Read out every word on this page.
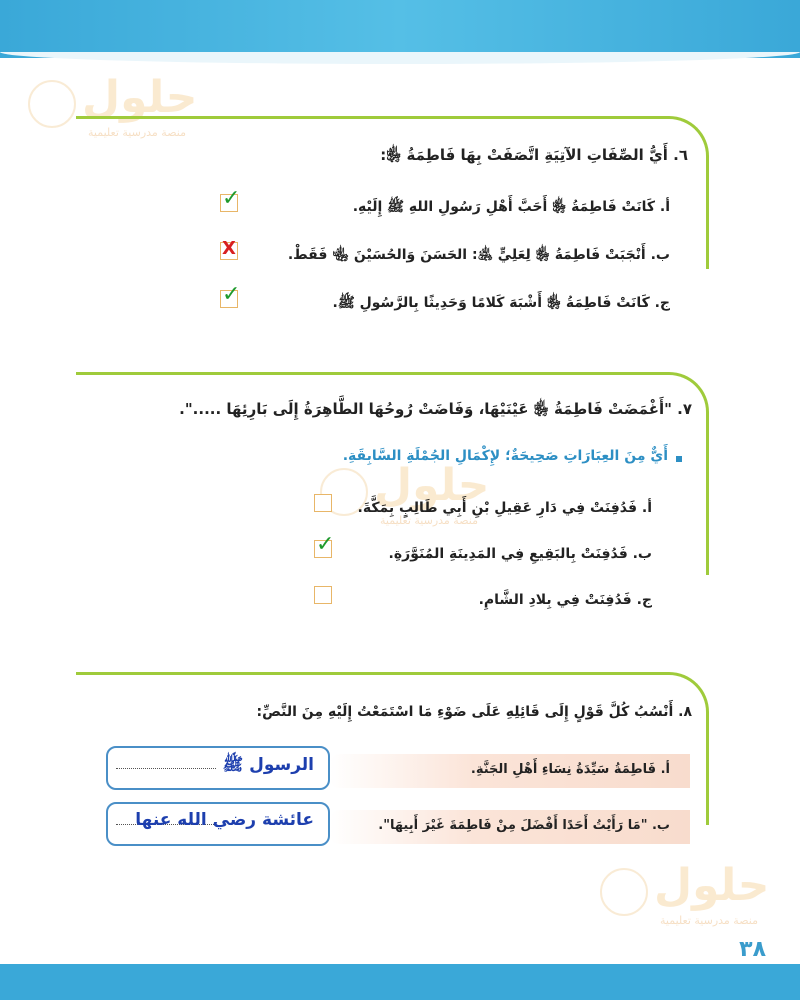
حلول
منصة مدرسية تعليمية
حلول
منصة مدرسية تعليمية
حلول
منصة مدرسية تعليمية
٦. أَيُّ الصِّفَاتِ الآتِيَةِ اتَّصَفَتْ بِهَا فَاطِمَةُ ﵂:
أ. كَانَتْ فَاطِمَةُ ﵂ أَحَبَّ أَهْلِ رَسُولِ اللهِ ﷺ إِلَيْهِ.
✓
ب. أَنْجَبَتْ فَاطِمَةُ ﵂ لِعَلِيٍّ ﵁: الحَسَنَ وَالحُسَيْنَ ﵄ فَقَطْ.
X
ج. كَانَتْ فَاطِمَةُ ﵂ أَشْبَهَ كَلامًا وَحَدِيثًا بِالرَّسُولِ ﷺ.
✓
٧. "أَغْمَضَتْ فَاطِمَةُ ﵂ عَيْنَيْهَا، وَفَاضَتْ رُوحُهَا الطَّاهِرَةُ إِلَى بَارِئِهَا .....".
أَيٌّ مِنَ العِبَارَاتِ صَحِيحَةٌ؛ لإِكْمَالِ الجُمْلَةِ السَّابِقَةِ.
أ. فَدُفِنَتْ فِي دَارِ عَقِيلِ بْنِ أَبِي طَالِبٍ بِمَكَّةَ.
ب. فَدُفِنَتْ بِالبَقِيعِ فِي المَدِينَةِ المُنَوَّرَةِ.
✓
ج. فَدُفِنَتْ فِي بِلادِ الشَّامِ.
٨. أَنْسُبُ كُلَّ قَوْلٍ إِلَى قَائِلِهِ عَلَى ضَوْءِ مَا اسْتَمَعْتُ إِلَيْهِ مِنَ النَّصِّ:
أ. فَاطِمَةُ سَيِّدَةُ نِسَاءِ أَهْلِ الجَنَّةِ.
الرسول ﷺ
ب. "مَا رَأَيْتُ أَحَدًا أَفْضَلَ مِنْ فَاطِمَةَ غَيْرَ أَبِيهَا".
عائشة رضي الله عنها
٣٨
